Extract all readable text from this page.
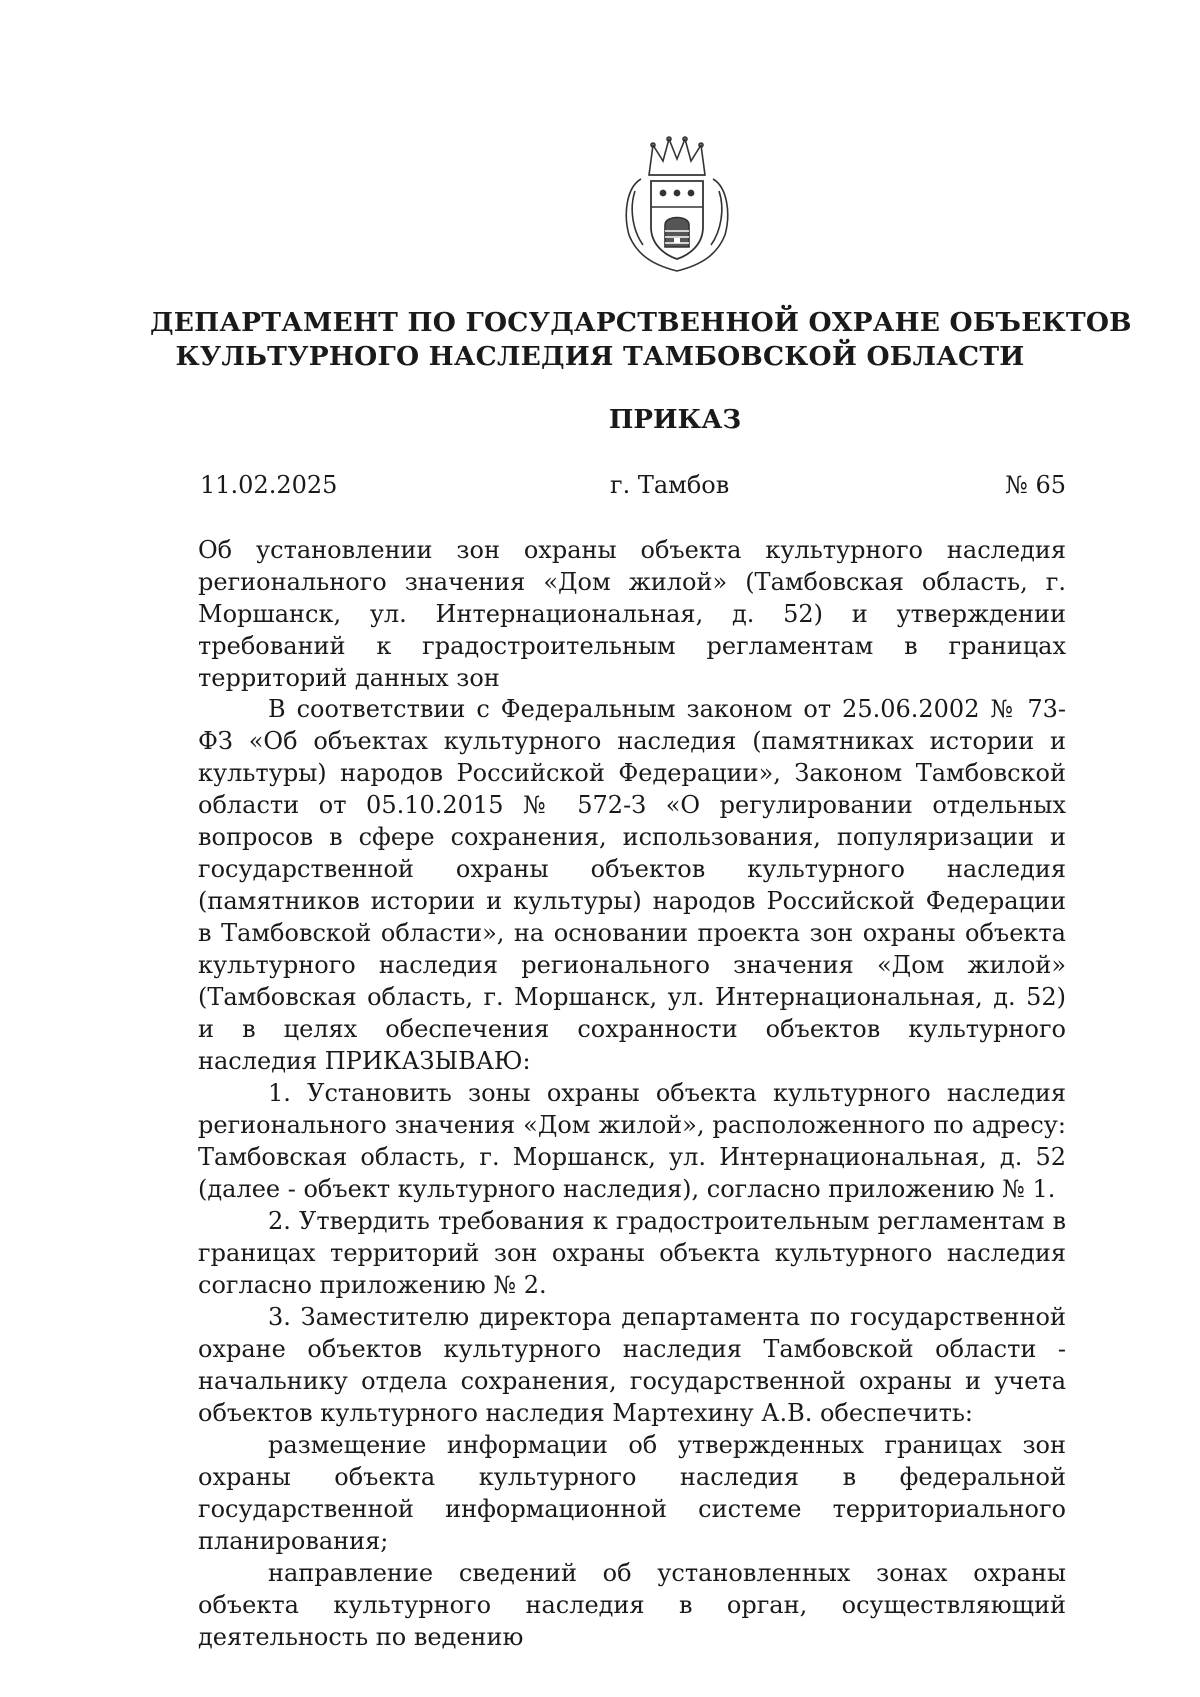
ДЕПАРТАМЕНТ ПО ГОСУДАРСТВЕННОЙ ОХРАНЕ ОБЪЕКТОВ
КУЛЬТУРНОГО НАСЛЕДИЯ ТАМБОВСКОЙ ОБЛАСТИ
ПРИКАЗ
11.02.2025	г. Тамбов	№ 65

Об установлении зон охраны объекта культурного наследия регионального значения «Дом жилой» (Тамбовская область, г. Моршанск, ул. Интернациональная, д. 52) и утверждении требований к градостроительным регламентам в границах территорий данных зон

В соответствии с Федеральным законом от 25.06.2002 № 73-ФЗ «Об объектах культурного наследия (памятниках истории и культуры) народов Российской Федерации», Законом Тамбовской области от 05.10.2015 № 572-З «О регулировании отдельных вопросов в сфере сохранения, использования, популяризации и государственной охраны объектов культурного наследия (памятников истории и культуры) народов Российской Федерации в Тамбовской области», на основании проекта зон охраны объекта культурного наследия регионального значения «Дом жилой» (Тамбовская область, г. Моршанск, ул. Интернациональная, д. 52) и в целях обеспечения сохранности объектов культурного наследия ПРИКАЗЫВАЮ:

1. Установить зоны охраны объекта культурного наследия регионального значения «Дом жилой», расположенного по адресу: Тамбовская область, г. Моршанск, ул. Интернациональная, д. 52 (далее - объект культурного наследия), согласно приложению № 1.

2. Утвердить требования к градостроительным регламентам в границах территорий зон охраны объекта культурного наследия согласно приложению № 2.

3. Заместителю директора департамента по государственной охране объектов культурного наследия Тамбовской области - начальнику отдела сохранения, государственной охраны и учета объектов культурного наследия Мартехину А.В. обеспечить:

размещение информации об утвержденных границах зон охраны объекта культурного наследия в федеральной государственной информационной системе территориального планирования;

направление сведений об установленных зонах охраны объекта культурного наследия в орган, осуществляющий деятельность по ведению
